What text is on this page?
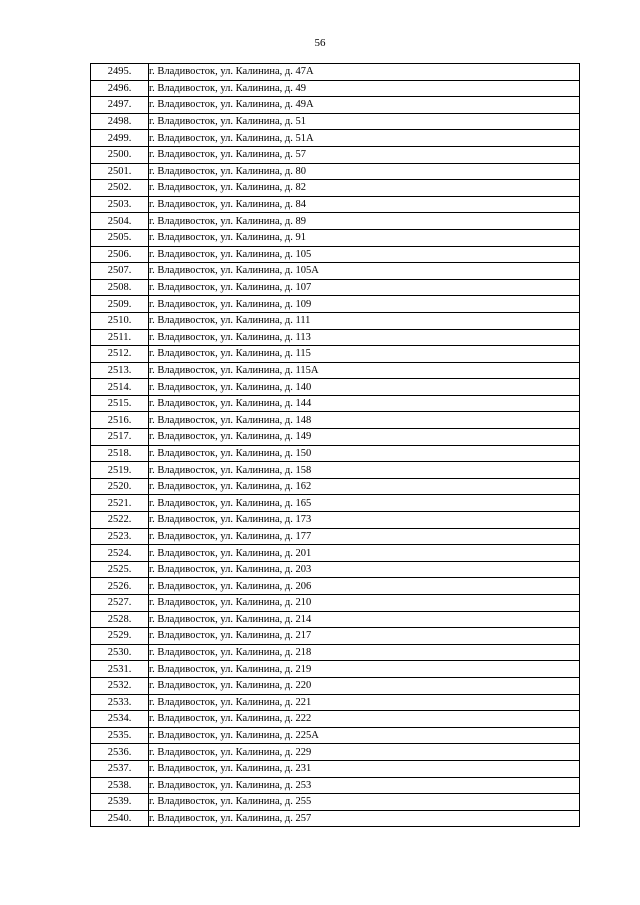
56
2495.	г. Владивосток, ул. Калинина, д. 47А
2496.	г. Владивосток, ул. Калинина, д. 49
2497.	г. Владивосток, ул. Калинина, д. 49А
2498.	г. Владивосток, ул. Калинина, д. 51
2499.	г. Владивосток, ул. Калинина, д. 51А
2500.	г. Владивосток, ул. Калинина, д. 57
2501.	г. Владивосток, ул. Калинина, д. 80
2502.	г. Владивосток, ул. Калинина, д. 82
2503.	г. Владивосток, ул. Калинина, д. 84
2504.	г. Владивосток, ул. Калинина, д. 89
2505.	г. Владивосток, ул. Калинина, д. 91
2506.	г. Владивосток, ул. Калинина, д. 105
2507.	г. Владивосток, ул. Калинина, д. 105А
2508.	г. Владивосток, ул. Калинина, д. 107
2509.	г. Владивосток, ул. Калинина, д. 109
2510.	г. Владивосток, ул. Калинина, д. 111
2511.	г. Владивосток, ул. Калинина, д. 113
2512.	г. Владивосток, ул. Калинина, д. 115
2513.	г. Владивосток, ул. Калинина, д. 115А
2514.	г. Владивосток, ул. Калинина, д. 140
2515.	г. Владивосток, ул. Калинина, д. 144
2516.	г. Владивосток, ул. Калинина, д. 148
2517.	г. Владивосток, ул. Калинина, д. 149
2518.	г. Владивосток, ул. Калинина, д. 150
2519.	г. Владивосток, ул. Калинина, д. 158
2520.	г. Владивосток, ул. Калинина, д. 162
2521.	г. Владивосток, ул. Калинина, д. 165
2522.	г. Владивосток, ул. Калинина, д. 173
2523.	г. Владивосток, ул. Калинина, д. 177
2524.	г. Владивосток, ул. Калинина, д. 201
2525.	г. Владивосток, ул. Калинина, д. 203
2526.	г. Владивосток, ул. Калинина, д. 206
2527.	г. Владивосток, ул. Калинина, д. 210
2528.	г. Владивосток, ул. Калинина, д. 214
2529.	г. Владивосток, ул. Калинина, д. 217
2530.	г. Владивосток, ул. Калинина, д. 218
2531.	г. Владивосток, ул. Калинина, д. 219
2532.	г. Владивосток, ул. Калинина, д. 220
2533.	г. Владивосток, ул. Калинина, д. 221
2534.	г. Владивосток, ул. Калинина, д. 222
2535.	г. Владивосток, ул. Калинина, д. 225А
2536.	г. Владивосток, ул. Калинина, д. 229
2537.	г. Владивосток, ул. Калинина, д. 231
2538.	г. Владивосток, ул. Калинина, д. 253
2539.	г. Владивосток, ул. Калинина, д. 255
2540.	г. Владивосток, ул. Калинина, д. 257
